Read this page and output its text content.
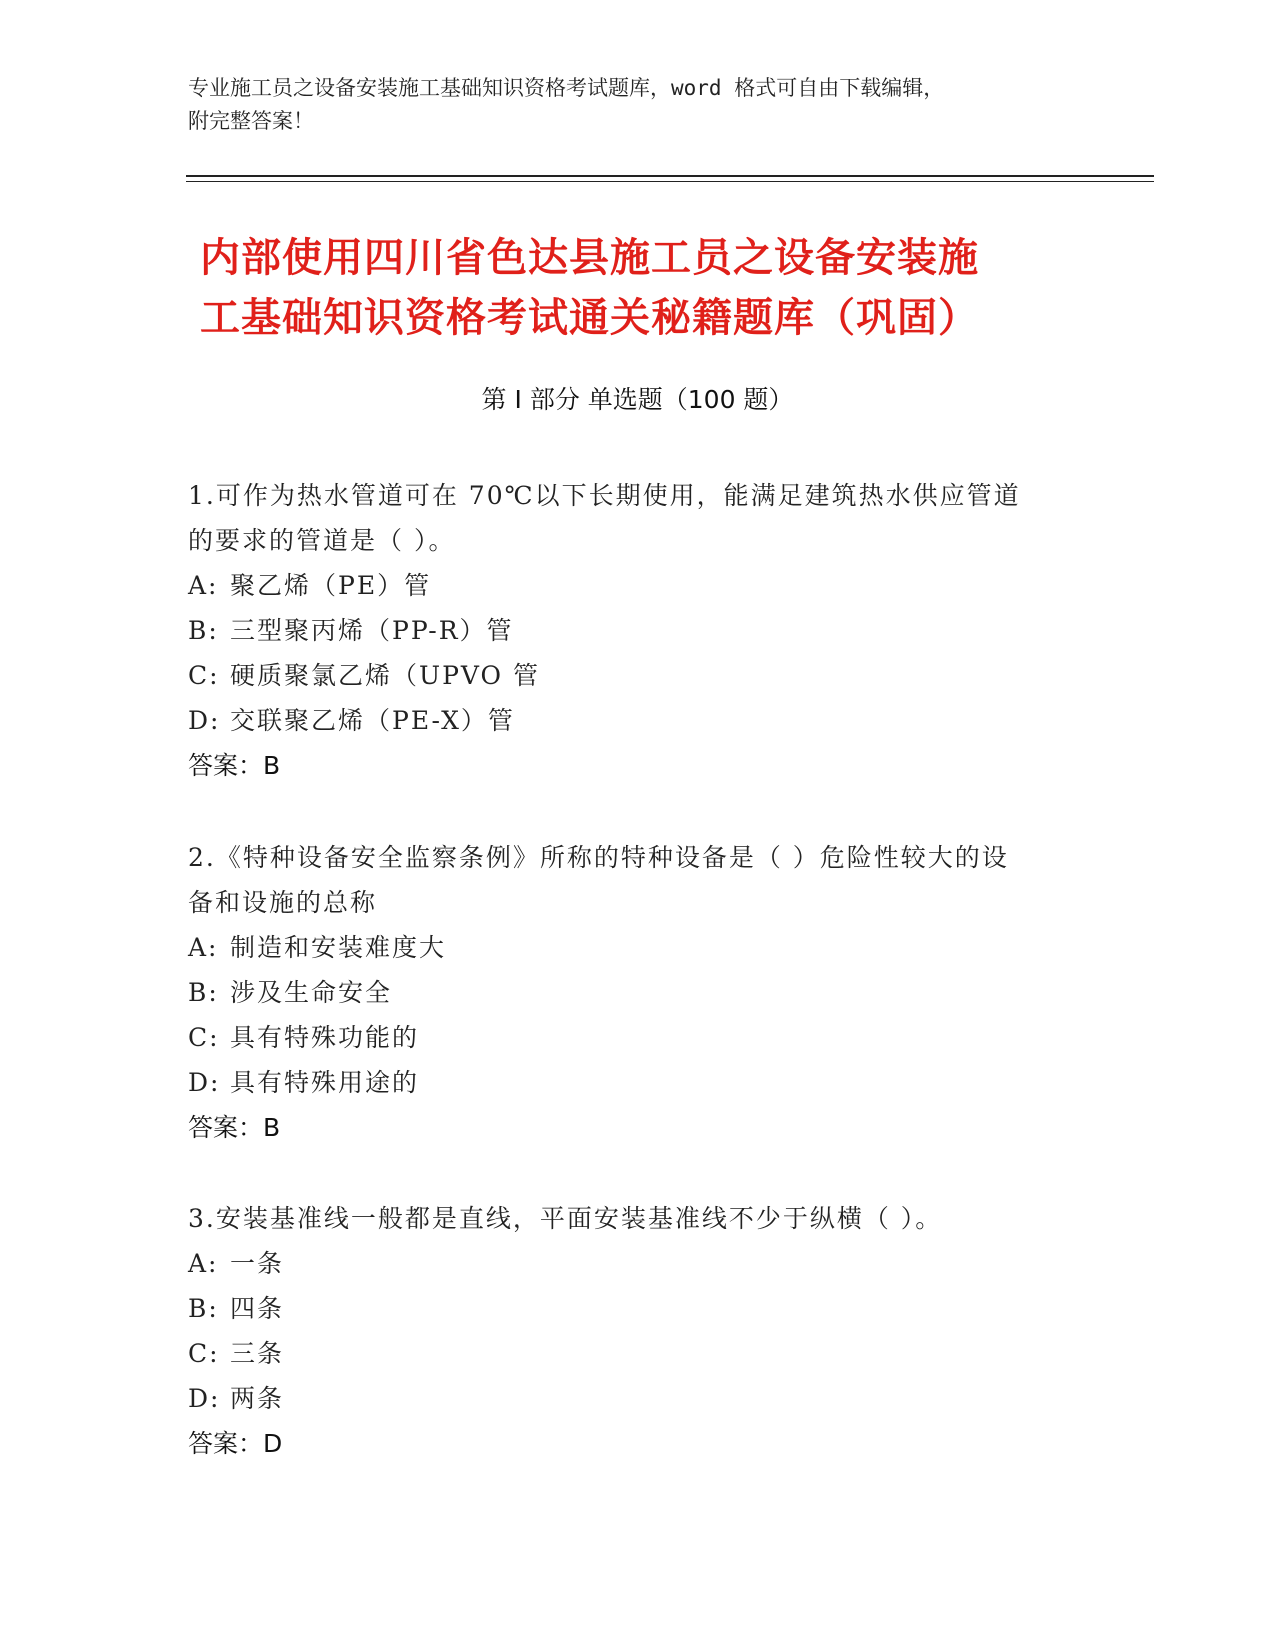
专业施工员之设备安装施工基础知识资格考试题库，word 格式可自由下载编辑，
附完整答案！
内部使用四川省色达县施工员之设备安装施
工基础知识资格考试通关秘籍题库（巩固）
第 I 部分 单选题（100 题）

1.可作为热水管道可在 70℃以下长期使用，能满足建筑热水供应管道

的要求的管道是（ ）。

A: 聚乙烯（PE）管

B: 三型聚丙烯（PP-R）管

C: 硬质聚氯乙烯（UPVO 管

D: 交联聚乙烯（PE-X）管

答案：B

2.《特种设备安全监察条例》所称的特种设备是（ ）危险性较大的设

备和设施的总称

A: 制造和安装难度大

B: 涉及生命安全

C: 具有特殊功能的

D: 具有特殊用途的

答案：B

3.安装基准线一般都是直线，平面安装基准线不少于纵横（ ）。

A: 一条

B: 四条

C: 三条

D: 两条

答案：D
